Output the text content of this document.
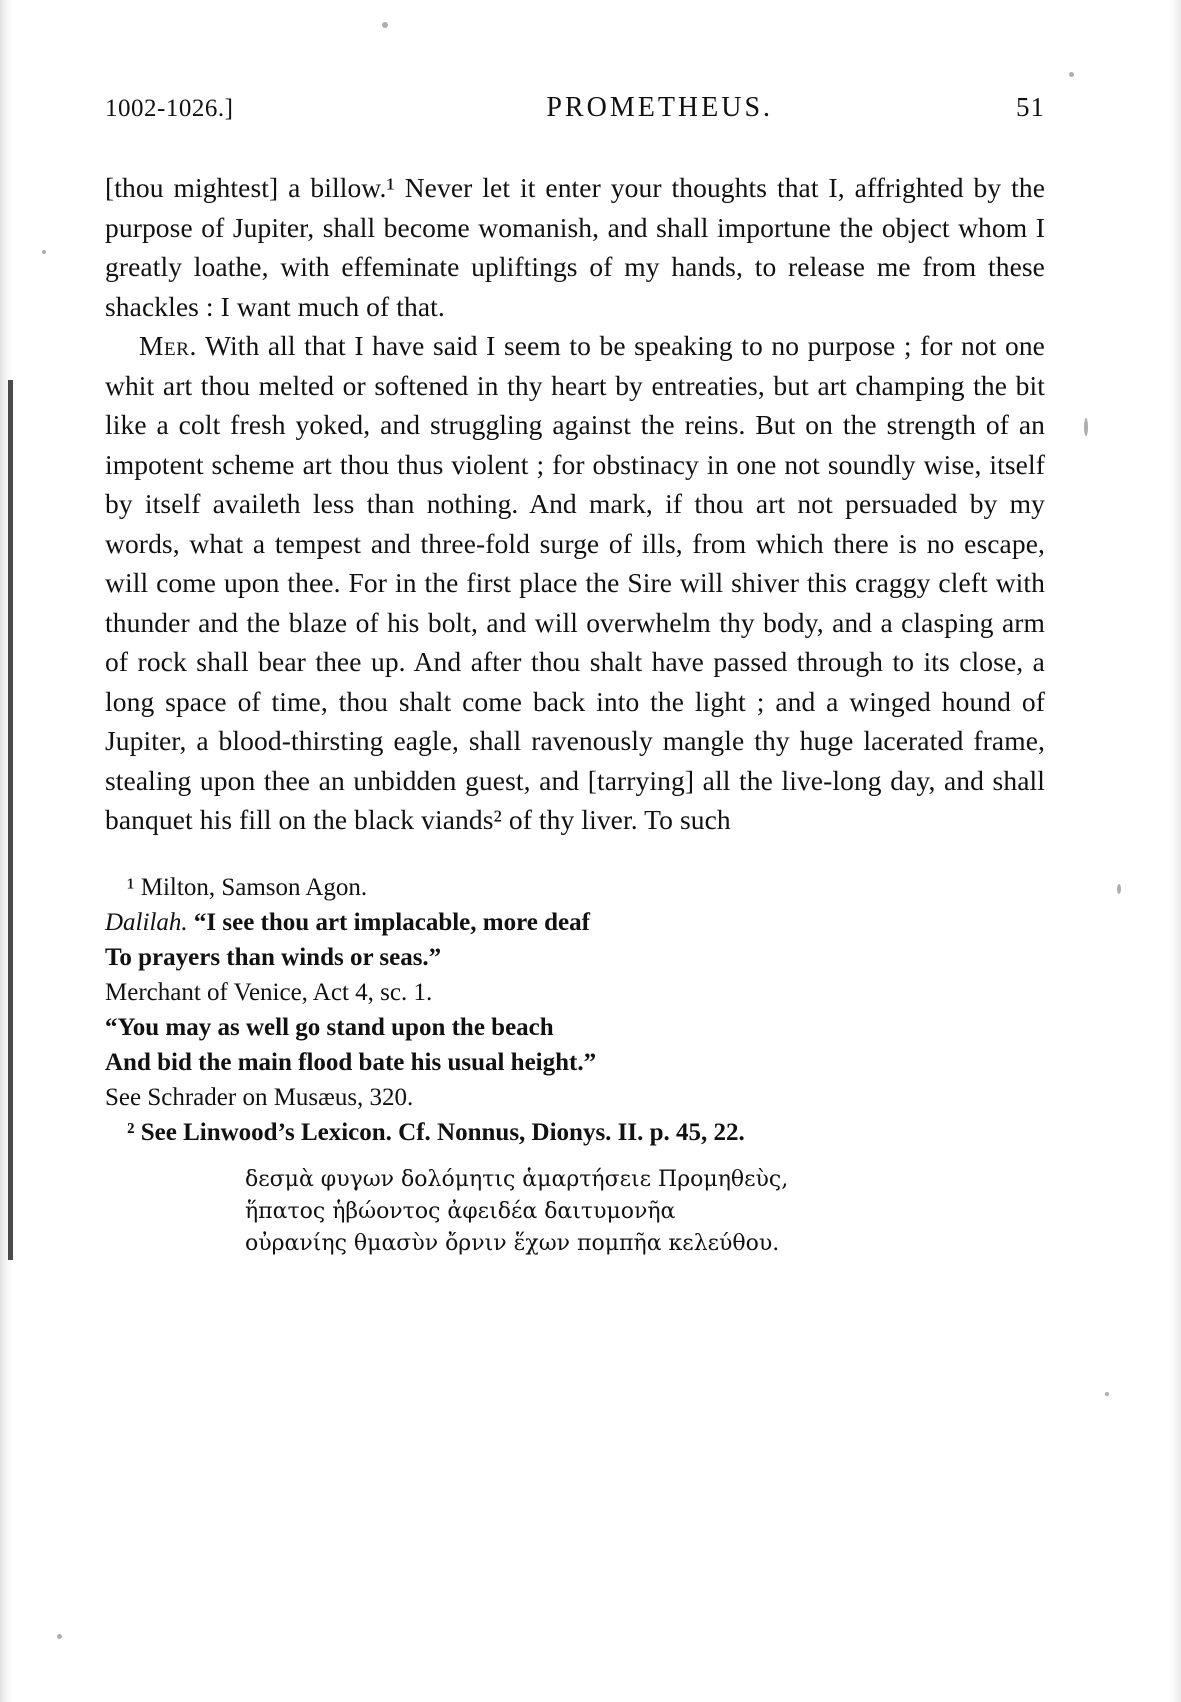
1002-1026.]	PROMETHEUS.	51

[thou mightest] a billow.¹ Never let it enter your thoughts that I, affrighted by the purpose of Jupiter, shall become womanish, and shall importune the object whom I greatly loathe, with effeminate upliftings of my hands, to release me from these shackles : I want much of that.

Mer. With all that I have said I seem to be speaking to no purpose ; for not one whit art thou melted or softened in thy heart by entreaties, but art champing the bit like a colt fresh yoked, and struggling against the reins. But on the strength of an impotent scheme art thou thus violent ; for obstinacy in one not soundly wise, itself by itself availeth less than nothing. And mark, if thou art not persuaded by my words, what a tempest and three-fold surge of ills, from which there is no escape, will come upon thee. For in the first place the Sire will shiver this craggy cleft with thunder and the blaze of his bolt, and will overwhelm thy body, and a clasping arm of rock shall bear thee up. And after thou shalt have passed through to its close, a long space of time, thou shalt come back into the light ; and a winged hound of Jupiter, a blood-thirsting eagle, shall ravenously mangle thy huge lacerated frame, stealing upon thee an unbidden guest, and [tarrying] all the live-long day, and shall banquet his fill on the black viands² of thy liver. To such

¹ Milton, Samson Agon.

Dalilah. “I see thou art implacable, more deaf

To prayers than winds or seas.”

Merchant of Venice, Act 4, sc. 1.

“You may as well go stand upon the beach

And bid the main flood bate his usual height.”

See Schrader on Musæus, 320.

² See Linwood’s Lexicon. Cf. Nonnus, Dionys. II. p. 45, 22.

δεσμὰ φυγων δολόμητις ἁμαρτήσειε Προμηθεὺς,
ἥπατος ἡβώοντος ἀφειδέα δαιτυμονῆα
οὐρανίης θμασὺν ὄρνιν ἕχων πομπῆα κελεύθου.
